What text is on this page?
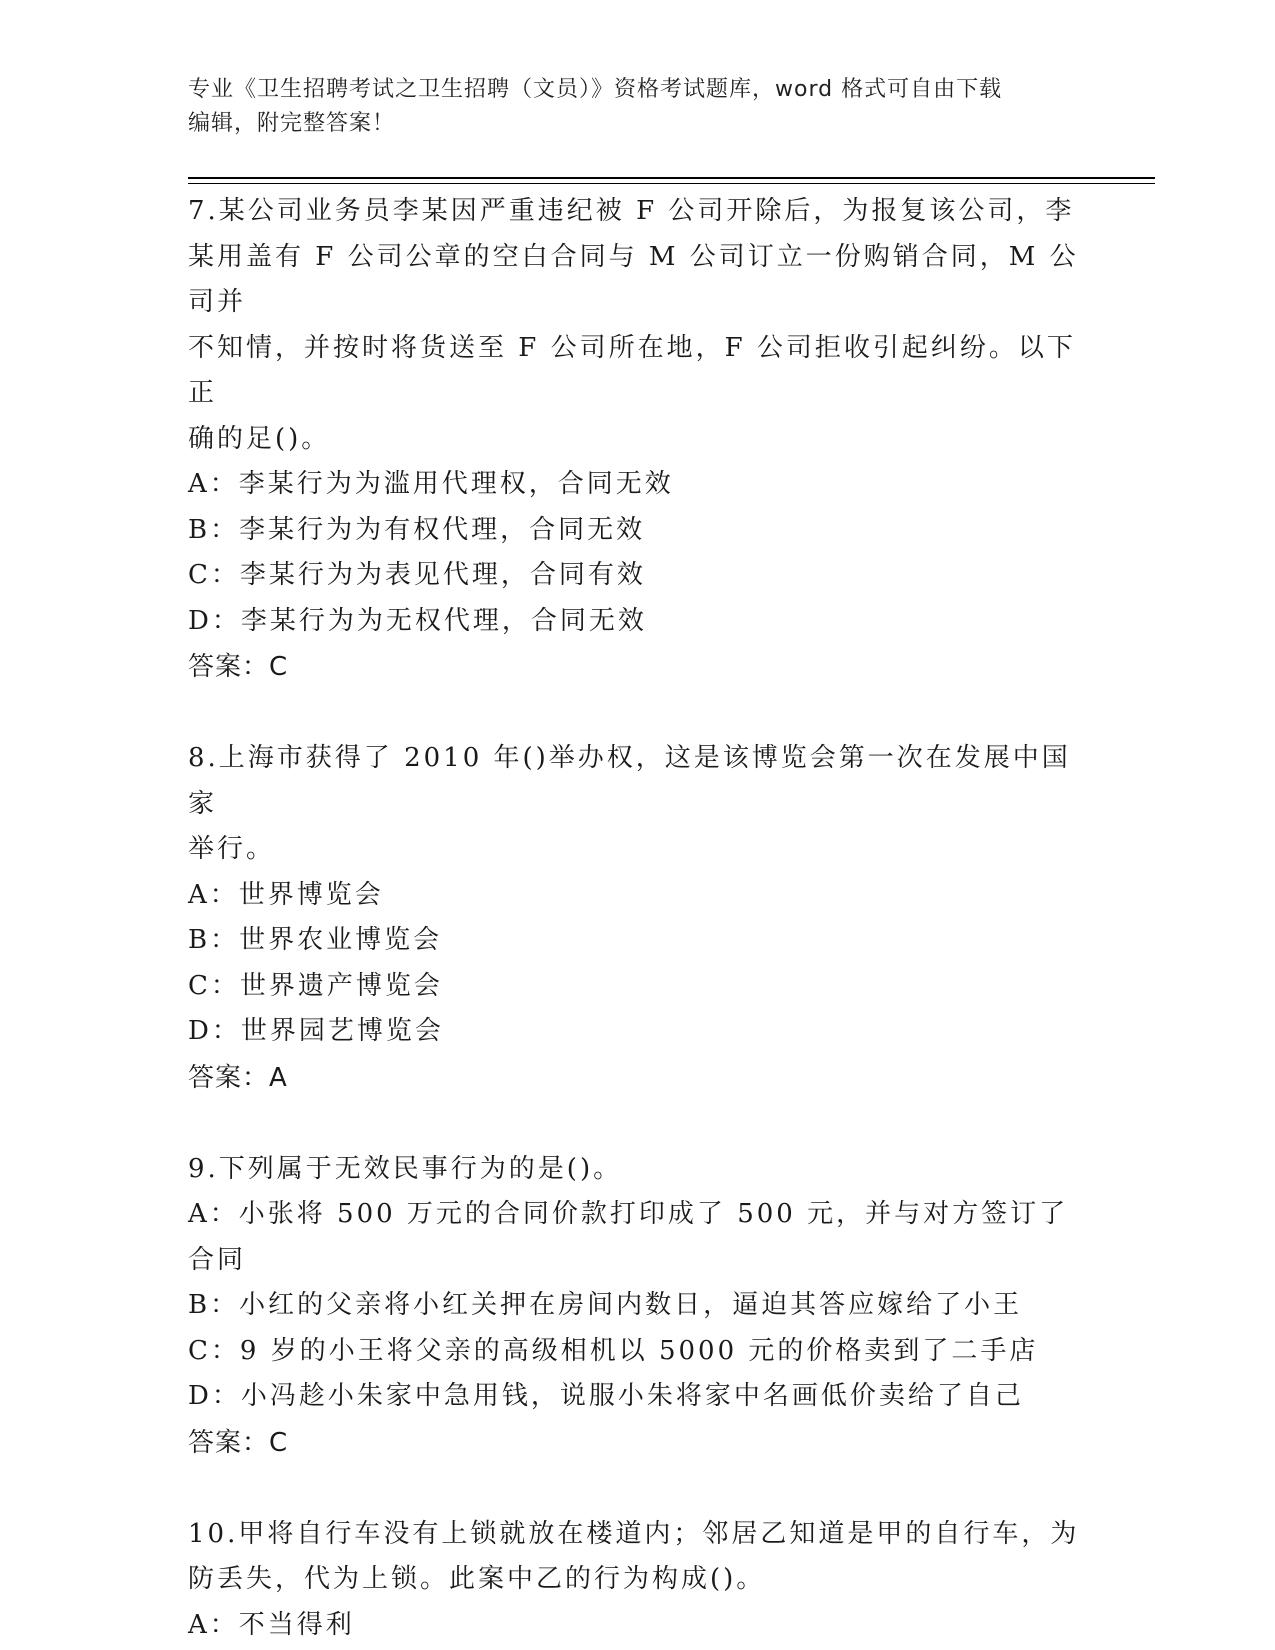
专业《卫生招聘考试之卫生招聘（文员）》资格考试题库，word 格式可自由下载
编辑，附完整答案！

7.某公司业务员李某因严重违纪被 F 公司开除后，为报复该公司，李

某用盖有 F 公司公章的空白合同与 M 公司订立一份购销合同，M 公司并

不知情，并按时将货送至 F 公司所在地，F 公司拒收引起纠纷。以下正

确的足()。

A：李某行为为滥用代理权，合同无效

B：李某行为为有权代理，合同无效

C：李某行为为表见代理，合同有效

D：李某行为为无权代理，合同无效

答案：C

8.上海市获得了 2010 年()举办权，这是该博览会第一次在发展中国家

举行。

A：世界博览会

B：世界农业博览会

C：世界遗产博览会

D：世界园艺博览会

答案：A

9.下列属于无效民事行为的是()。

A：小张将 500 万元的合同价款打印成了 500 元，并与对方签订了合同

B：小红的父亲将小红关押在房间内数日，逼迫其答应嫁给了小王

C：9 岁的小王将父亲的高级相机以 5000 元的价格卖到了二手店

D：小冯趁小朱家中急用钱，说服小朱将家中名画低价卖给了自己

答案：C

10.甲将自行车没有上锁就放在楼道内；邻居乙知道是甲的自行车，为

防丢失，代为上锁。此案中乙的行为构成()。

A：不当得利
